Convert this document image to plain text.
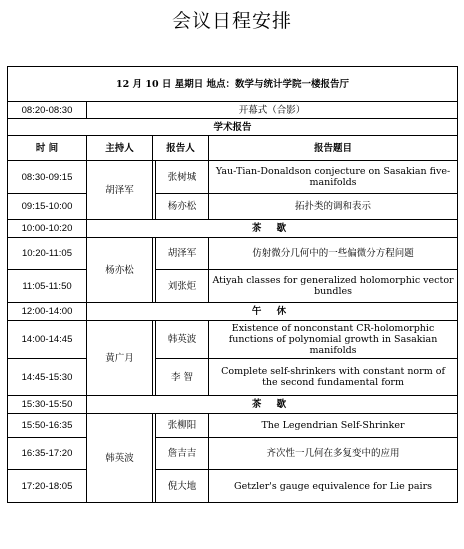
会议日程安排
12 月 10 日 星期日 地点：数学与统计学院一楼报告厅				
08:20-08:30	开幕式（合影）			
学术报告				
时 间	主持人	报告人		报告题目
08:30-09:15	胡泽军		张树城	Yau-Tian-Donaldson conjecture on Sasakian five-manifolds
09:15-10:00			杨亦松	拓扑类的调和表示
10:00-10:20	茶 歇			
10:20-11:05	杨亦松		胡泽军	仿射微分几何中的一些偏微分方程问题
11:05-11:50			刘张炬	Atiyah classes for generalized holomorphic vector bundles
12:00-14:00	午 休			
14:00-14:45	黄广月		韩英波	Existence of nonconstant CR-holomorphic functions of polynomial growth in Sasakian manifolds
14:45-15:30			李 智	Complete self-shrinkers with constant norm of the second fundamental form
15:30-15:50	茶 歇			
15:50-16:35	韩英波		张柳阳	The Legendrian Self-Shrinker
16:35-17:20			詹吉吉	齐次性一几何在多复变中的应用
17:20-18:05			倪大地	Getzler's gauge equivalence for Lie pairs
